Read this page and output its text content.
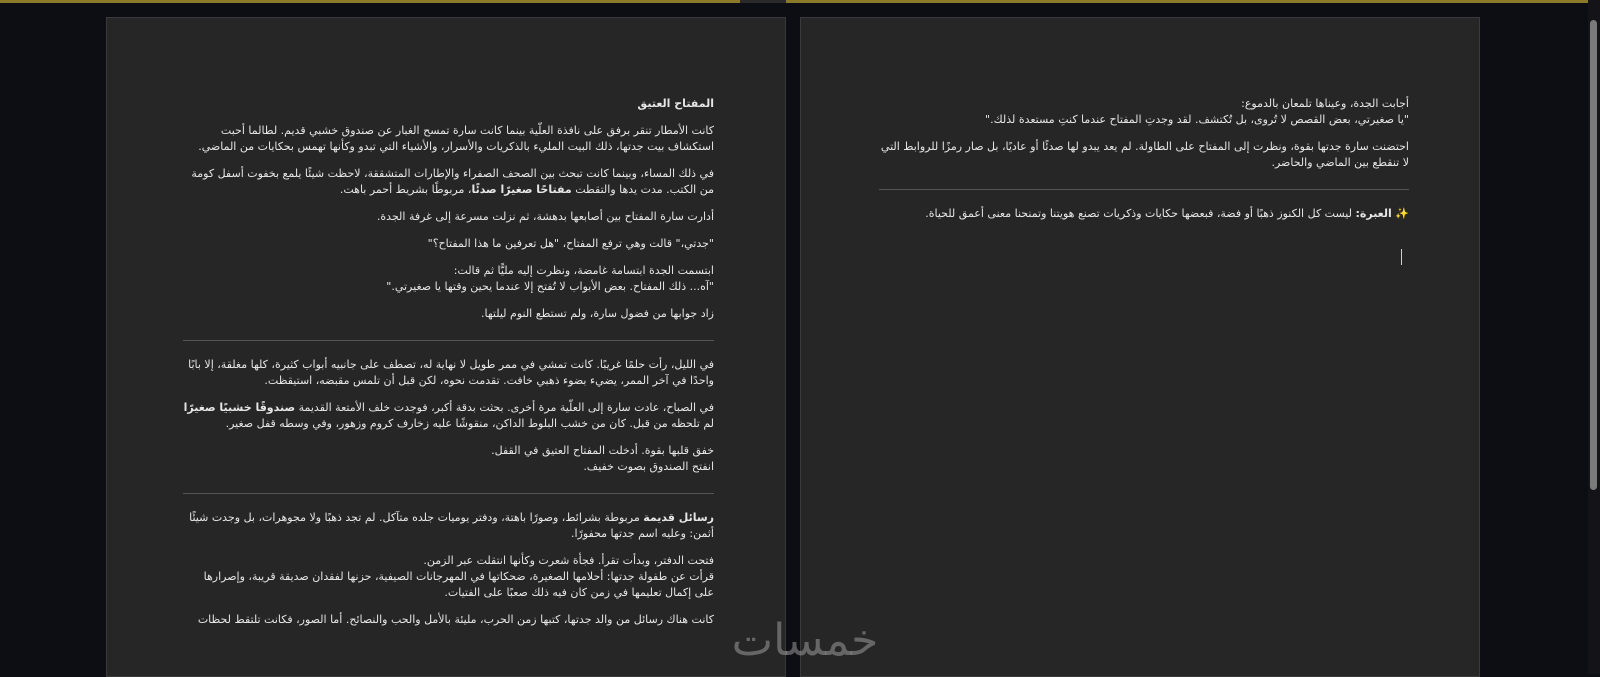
المفتاح العتيق

كانت الأمطار تنقر برفق على نافذة العلّية بينما كانت سارة تمسح الغبار عن صندوق خشبي قديم. لطالما أحبت استكشاف بيت جدتها، ذلك البيت المليء بالذكريات والأسرار، والأشياء التي تبدو وكأنها تهمس بحكايات من الماضي.

في ذلك المساء، وبينما كانت تبحث بين الصحف الصفراء والإطارات المتشققة، لاحظت شيئًا يلمع بخفوت أسفل كومة من الكتب. مدت يدها والتقطت مفتاحًا صغيرًا صدئًا، مربوطًا بشريط أحمر باهت.

أدارت سارة المفتاح بين أصابعها بدهشة، ثم نزلت مسرعة إلى غرفة الجدة.

"جدتي،" قالت وهي ترفع المفتاح، "هل تعرفين ما هذا المفتاح؟"

ابتسمت الجدة ابتسامة غامضة، ونظرت إليه مليًّا ثم قالت:
"آه... ذلك المفتاح. بعض الأبواب لا تُفتح إلا عندما يحين وقتها يا صغيرتي."

زاد جوابها من فضول سارة، ولم تستطع النوم ليلتها.

في الليل، رأت حلمًا غريبًا. كانت تمشي في ممر طويل لا نهاية له، تصطف على جانبيه أبواب كثيرة، كلها مغلقة، إلا بابًا واحدًا في آخر الممر، يضيء بضوء ذهبي خافت. تقدمت نحوه، لكن قبل أن تلمس مقبضه، استيقظت.

في الصباح، عادت سارة إلى العلّية مرة أخرى. بحثت بدقة أكبر، فوجدت خلف الأمتعة القديمة صندوقًا خشبيًا صغيرًا لم تلحظه من قبل. كان من خشب البلوط الداكن، منقوشًا عليه زخارف كروم وزهور، وفي وسطه قفل صغير.

خفق قلبها بقوة. أدخلت المفتاح العتيق في القفل.
انفتح الصندوق بصوت خفيف.

رسائل قديمة مربوطة بشرائط، وصورًا باهتة، ودفتر يوميات جلده متآكل. لم تجد ذهبًا ولا مجوهرات، بل وجدت شيئًا أثمن: وعليه اسم جدتها محفورًا.

فتحت الدفتر، وبدأت تقرأ. فجأة شعرت وكأنها انتقلت عبر الزمن.
قرأت عن طفولة جدتها: أحلامها الصغيرة، ضحكاتها في المهرجانات الصيفية، حزنها لفقدان صديقة قريبة، وإصرارها على إكمال تعليمها في زمن كان فيه ذلك صعبًا على الفتيات.

كانت هناك رسائل من والد جدتها، كتبها زمن الحرب، مليئة بالأمل والحب والنصائح. أما الصور، فكانت تلتقط لحظات

أجابت الجدة، وعيناها تلمعان بالدموع:
"يا صغيرتي، بعض القصص لا تُروى، بل تُكتشف. لقد وجدتِ المفتاح عندما كنتِ مستعدة لذلك."

احتضنت سارة جدتها بقوة، ونظرت إلى المفتاح على الطاولة. لم يعد يبدو لها صدئًا أو عاديًا، بل صار رمزًا للروابط التي لا تنقطع بين الماضي والحاضر.

✨ العبرة: ليست كل الكنوز ذهبًا أو فضة، فبعضها حكايات وذكريات تصنع هويتنا وتمنحنا معنى أعمق للحياة.

خمسات
